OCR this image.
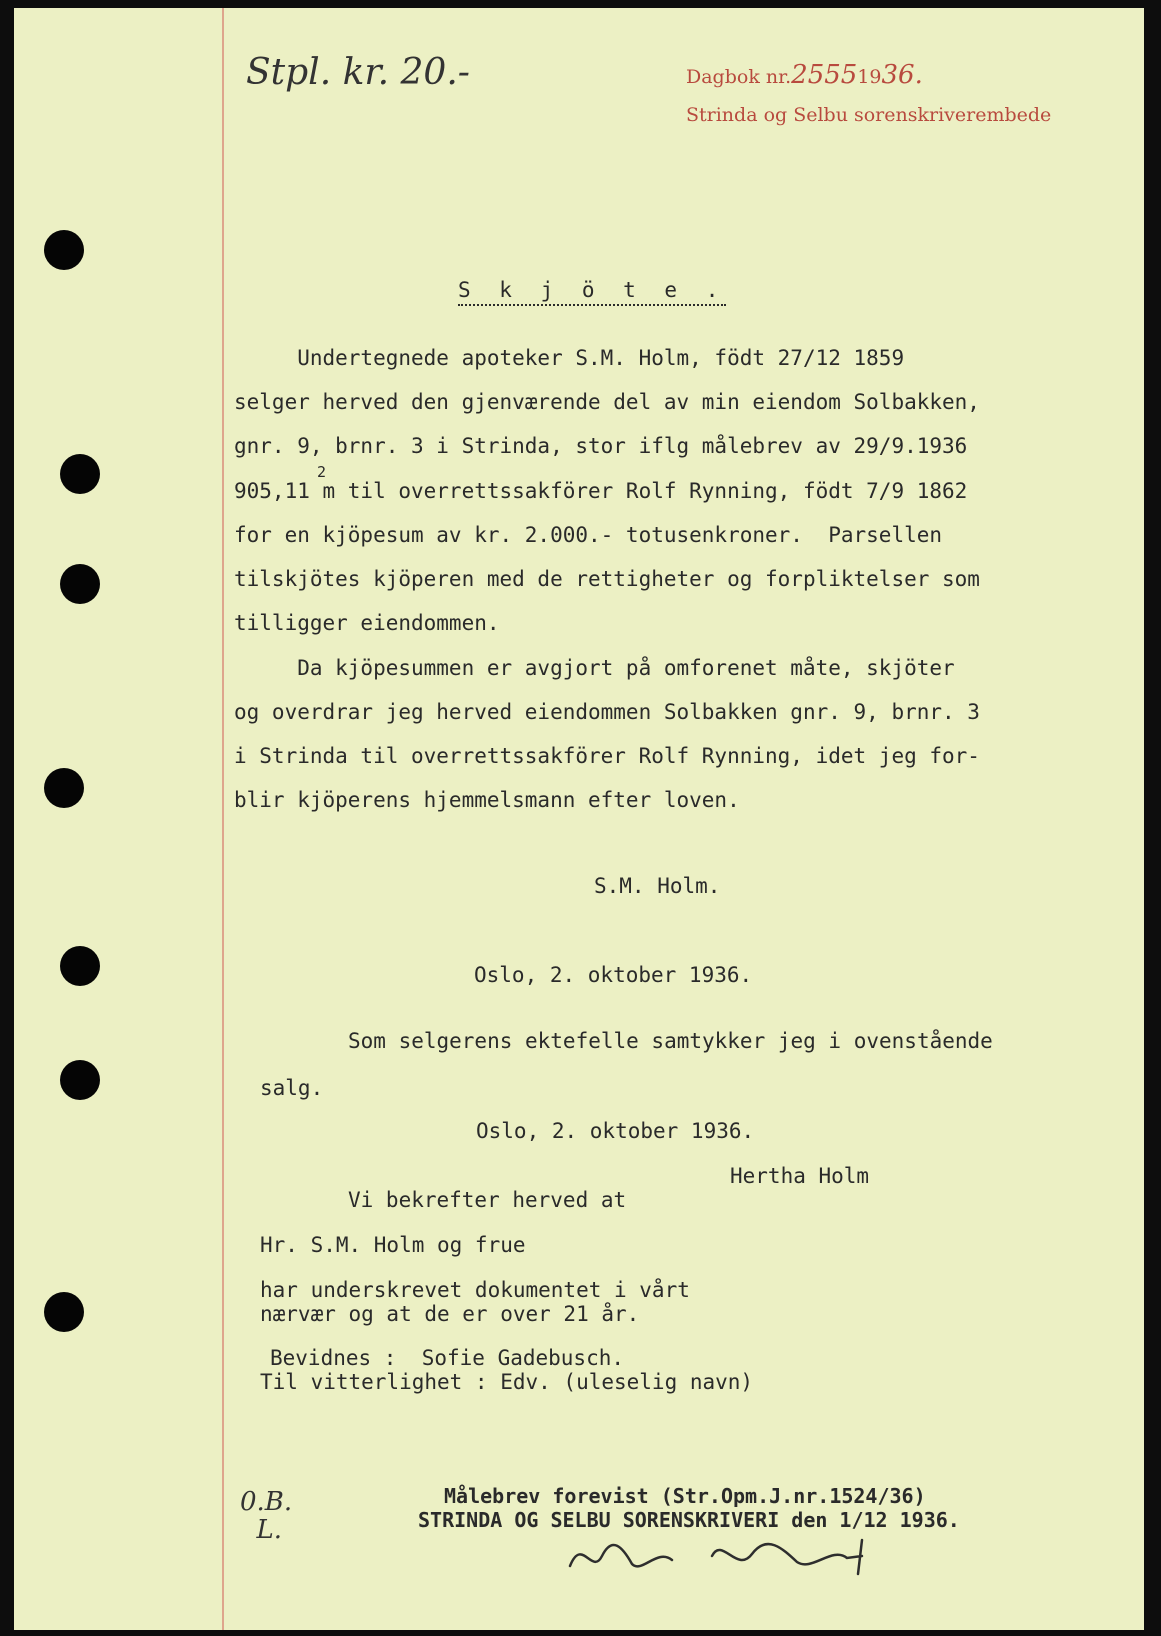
Stpl. kr. 20.-	Dagbok nr.25551936.

Strinda og Selbu sorenskriverembede

S k j ö t e .

Undertegnede apoteker S.M. Holm, födt 27/12 1859

selger herved den gjenværende del av min eiendom Solbakken,

gnr. 9, brnr. 3 i Strinda, stor iflg målebrev av 29/9.1936

905,11 m til overrettssakförer Rolf Rynning, födt 7/9 1862

for en kjöpesum av kr. 2.000.- totusenkroner.  Parsellen

tilskjötes kjöperen med de rettigheter og forpliktelser som

tilligger eiendommen.

Da kjöpesummen er avgjort på omforenet måte, skjöter

og overdrar jeg herved eiendommen Solbakken gnr. 9, brnr. 3

i Strinda til overrettssakförer Rolf Rynning, idet jeg for-

blir kjöperens hjemmelsmann efter loven.

2

S.M. Holm.

Oslo, 2. oktober 1936.

Som selgerens ektefelle samtykker jeg i ovenstående

salg.

Oslo, 2. oktober 1936.

Hertha Holm

Vi bekrefter herved at

Hr. S.M. Holm og frue

har underskrevet dokumentet i vårt

nærvær og at de er over 21 år.

Bevidnes :  Sofie Gadebusch.

Til vitterlighet : Edv. (uleselig navn)

0.B.
L.

Målebrev forevist (Str.Opm.J.nr.1524/36)

STRINDA OG SELBU SORENSKRIVERI den 1/12 1936.
